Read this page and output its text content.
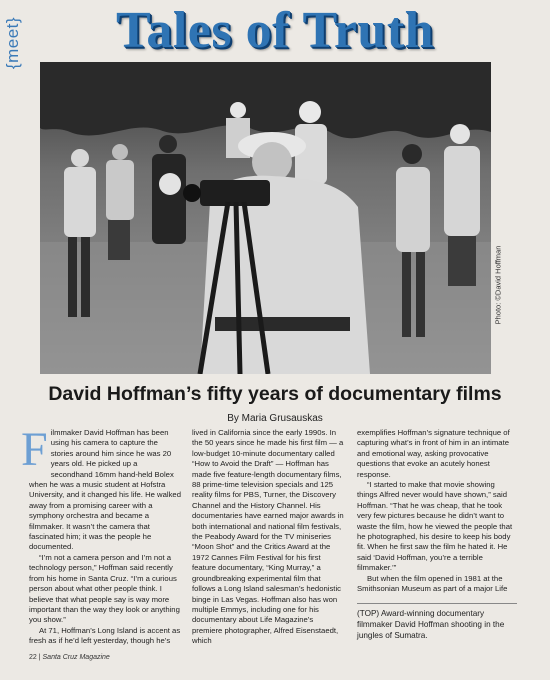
{meet}	Tales of Truth
Photo: ©David Hoffman
David Hoffman’s fifty years of documentary films
By Maria Grusauskas

Filmmaker David Hoffman has been using his camera to capture the stories around him since he was 20 years old. He picked up a secondhand 16mm hand-held Bolex when he was a music student at Hofstra University, and it changed his life. He walked away from a promising career with a symphony orchestra and became a filmmaker. It wasn’t the camera that fascinated him; it was the people he documented.

“I’m not a camera person and I’m not a technology person,” Hoffman said recently from his home in Santa Cruz. “I’m a curious person about what other people think. I believe that what people say is way more important than the way they look or anything you show.”

At 71, Hoffman’s Long Island is accent as fresh as if he’d left yesterday, though he’s

lived in California since the early 1990s. In the 50 years since he made his first film — a low-budget 10-minute documentary called “How to Avoid the Draft” — Hoffman has made five feature-length documentary films, 88 prime-time television specials and 125 reality films for PBS, Turner, the Discovery Channel and the History Channel. His documentaries have earned major awards in both international and national film festivals, the Peabody Award for the TV miniseries “Moon Shot” and the Critics Award at the 1972 Cannes Film Festival for his first feature documentary, “King Murray,” a groundbreaking experimental film that follows a Long Island salesman’s hedonistic binge in Las Vegas. Hoffman also has won multiple Emmys, including one for his documentary about Life Magazine’s premiere photographer, Alfred Eisenstaedt, which

exemplifies Hoffman’s signature technique of capturing what’s in front of him in an intimate and emotional way, asking provocative questions that evoke an acutely honest response.

“I started to make that movie showing things Alfred never would have shown,” said Hoffman. “That he was cheap, that he took very few pictures because he didn’t want to waste the film, how he viewed the people that he photographed, his desire to keep his body fit. When he first saw the film he hated it. He said ‘David Hoffman, you’re a terrible filmmaker.’”

But when the film opened in 1981 at the Smithsonian Museum as part of a major Life

(TOP) Award-winning documentary filmmaker David Hoffman shooting in the jungles of Sumatra.
22 | Santa Cruz Magazine
